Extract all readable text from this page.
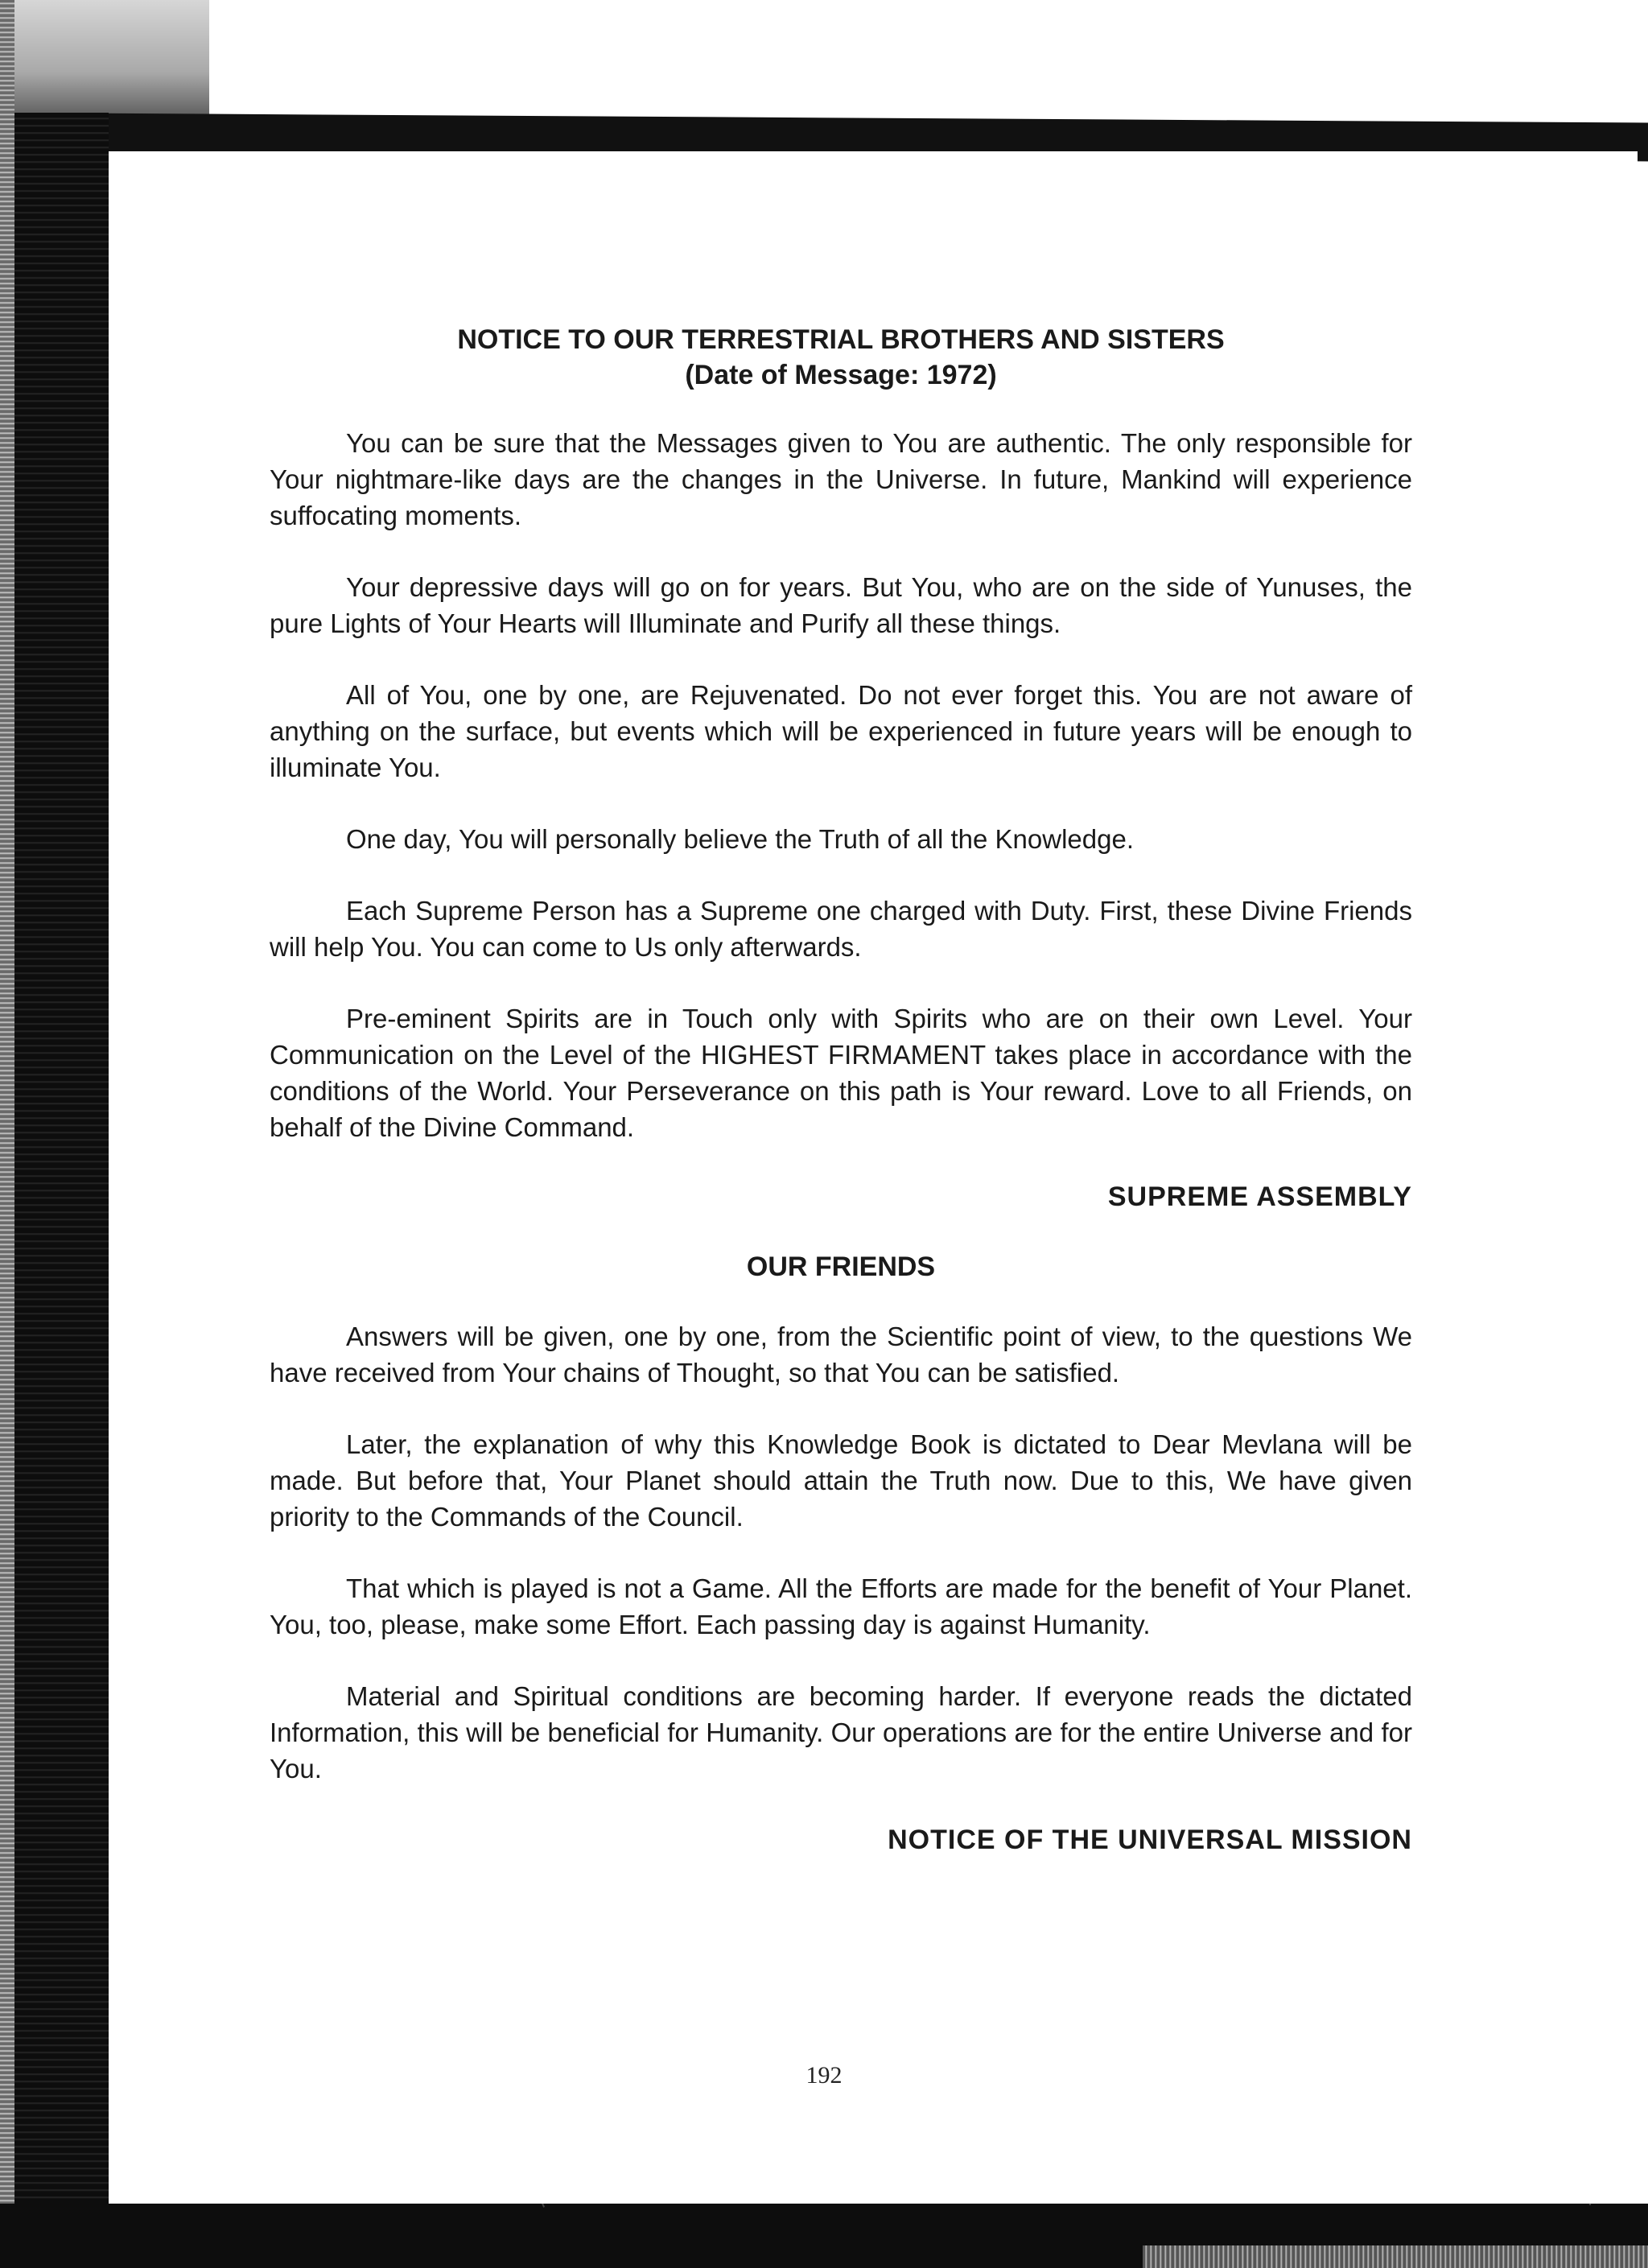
NOTICE TO OUR TERRESTRIAL BROTHERS AND SISTERS

(Date of Message: 1972)

You can be sure that the Messages given to You are authentic. The only responsible for Your nightmare-like days are the changes in the Universe. In future, Mankind will experience suffocating moments.

Your depressive days will go on for years. But You, who are on the side of Yunuses, the pure Lights of Your Hearts will Illuminate and Purify all these things.

All of You, one by one, are Rejuvenated. Do not ever forget this. You are not aware of anything on the surface, but events which will be experienced in future years will be enough to illuminate You.

One day, You will personally believe the Truth of all the Knowledge.

Each Supreme Person has a Supreme one charged with Duty. First, these Divine Friends will help You. You can come to Us only afterwards.

Pre-eminent Spirits are in Touch only with Spirits who are on their own Level. Your Communication on the Level of the HIGHEST FIRMAMENT takes place in accordance with the conditions of the World. Your Perseverance on this path is Your reward. Love to all Friends, on behalf of the Divine Command.

SUPREME ASSEMBLY

OUR FRIENDS

Answers will be given, one by one, from the Scientific point of view, to the questions We have received from Your chains of Thought, so that You can be satisfied.

Later, the explanation of why this Knowledge Book is dictated to Dear Mevlana will be made. But before that, Your Planet should attain the Truth now. Due to this, We have given priority to the Commands of the Council.

That which is played is not a Game. All the Efforts are made for the benefit of Your Planet. You, too, please, make some Effort. Each passing day is against Humanity.

Material and Spiritual conditions are becoming harder. If everyone reads the dictated Information, this will be beneficial for Humanity. Our operations are for the entire Universe and for You.

NOTICE OF THE UNIVERSAL MISSION

192
